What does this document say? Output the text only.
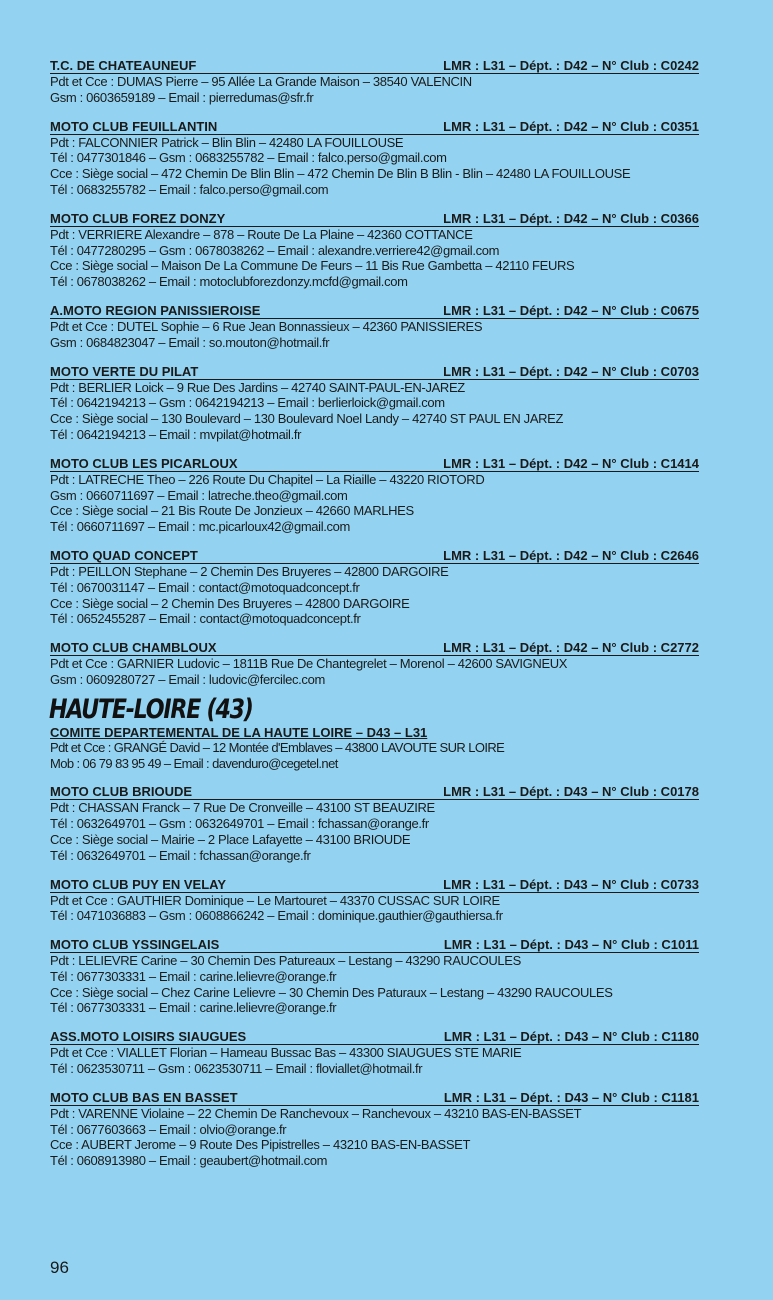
T.C. DE CHATEAUNEUF	LMR : L31 – Dépt. : D42 – N° Club : C0242
Pdt et Cce : DUMAS Pierre – 95 Allée La Grande Maison – 38540 VALENCIN
Gsm : 0603659189 – Email : pierredumas@sfr.fr
MOTO CLUB FEUILLANTIN	LMR : L31 – Dépt. : D42 – N° Club : C0351
Pdt : FALCONNIER Patrick – Blin Blin – 42480 LA FOUILLOUSE
Tél : 0477301846 – Gsm : 0683255782 – Email : falco.perso@gmail.com
Cce : Siège social – 472 Chemin De Blin Blin – 472 Chemin De Blin B Blin - Blin – 42480 LA FOUILLOUSE
Tél : 0683255782 – Email : falco.perso@gmail.com
MOTO CLUB FOREZ DONZY	LMR : L31 – Dépt. : D42 – N° Club : C0366
Pdt : VERRIERE Alexandre – 878 – Route De La Plaine – 42360 COTTANCE
Tél : 0477280295 – Gsm : 0678038262 – Email : alexandre.verriere42@gmail.com
Cce : Siège social – Maison De La Commune De Feurs – 11 Bis Rue Gambetta – 42110 FEURS
Tél : 0678038262 – Email : motoclubforezdonzy.mcfd@gmail.com
A.MOTO REGION PANISSIEROISE	LMR : L31 – Dépt. : D42 – N° Club : C0675
Pdt et Cce : DUTEL Sophie – 6 Rue Jean Bonnassieux – 42360 PANISSIERES
Gsm : 0684823047 – Email : so.mouton@hotmail.fr
MOTO VERTE DU PILAT	LMR : L31 – Dépt. : D42 – N° Club : C0703
Pdt : BERLIER Loick – 9 Rue Des Jardins – 42740 SAINT-PAUL-EN-JAREZ
Tél : 0642194213 – Gsm : 0642194213 – Email : berlierloick@gmail.com
Cce : Siège social – 130 Boulevard – 130 Boulevard Noel Landy – 42740 ST PAUL EN JAREZ
Tél : 0642194213 – Email : mvpilat@hotmail.fr
MOTO CLUB LES PICARLOUX	LMR : L31 – Dépt. : D42 – N° Club : C1414
Pdt : LATRECHE Theo – 226 Route Du Chapitel – La Riaille – 43220 RIOTORD
Gsm : 0660711697 – Email : latreche.theo@gmail.com
Cce : Siège social – 21 Bis Route De Jonzieux – 42660 MARLHES
Tél : 0660711697 – Email : mc.picarloux42@gmail.com
MOTO QUAD CONCEPT	LMR : L31 – Dépt. : D42 – N° Club : C2646
Pdt : PEILLON Stephane – 2 Chemin Des Bruyeres – 42800 DARGOIRE
Tél : 0670031147 – Email : contact@motoquadconcept.fr
Cce : Siège social – 2 Chemin Des Bruyeres – 42800 DARGOIRE
Tél : 0652455287 – Email : contact@motoquadconcept.fr
MOTO CLUB CHAMBLOUX	LMR : L31 – Dépt. : D42 – N° Club : C2772
Pdt et Cce : GARNIER Ludovic – 1811B Rue De Chantegrelet – Morenol – 42600 SAVIGNEUX
Gsm : 0609280727 – Email : ludovic@fercilec.com
HAUTE-LOIRE (43)
COMITE DEPARTEMENTAL DE LA HAUTE LOIRE – D43 – L31
Pdt et Cce : GRANGÉ David – 12 Montée d'Emblaves – 43800 LAVOUTE SUR LOIRE
Mob : 06 79 83 95 49 – Email : davenduro@cegetel.net
MOTO CLUB BRIOUDE	LMR : L31 – Dépt. : D43 – N° Club : C0178
Pdt : CHASSAN Franck – 7 Rue De Cronveille – 43100 ST BEAUZIRE
Tél : 0632649701 – Gsm : 0632649701 – Email : fchassan@orange.fr
Cce : Siège social – Mairie – 2 Place Lafayette – 43100 BRIOUDE
Tél : 0632649701 – Email : fchassan@orange.fr
MOTO CLUB PUY EN VELAY	LMR : L31 – Dépt. : D43 – N° Club : C0733
Pdt et Cce : GAUTHIER Dominique – Le Martouret – 43370 CUSSAC SUR LOIRE
Tél : 0471036883 – Gsm : 0608866242 – Email : dominique.gauthier@gauthiersa.fr
MOTO CLUB YSSINGELAIS	LMR : L31 – Dépt. : D43 – N° Club : C1011
Pdt : LELIEVRE Carine – 30 Chemin Des Patureaux – Lestang – 43290 RAUCOULES
Tél : 0677303331 – Email : carine.lelievre@orange.fr
Cce : Siège social – Chez Carine Lelievre – 30 Chemin Des Paturaux – Lestang – 43290 RAUCOULES
Tél : 0677303331 – Email : carine.lelievre@orange.fr
ASS.MOTO LOISIRS SIAUGUES	LMR : L31 – Dépt. : D43 – N° Club : C1180
Pdt et Cce : VIALLET Florian – Hameau Bussac Bas – 43300 SIAUGUES STE MARIE
Tél : 0623530711 – Gsm : 0623530711 – Email : floviallet@hotmail.fr
MOTO CLUB BAS EN BASSET	LMR : L31 – Dépt. : D43 – N° Club : C1181
Pdt : VARENNE Violaine – 22 Chemin De Ranchevoux – Ranchevoux – 43210 BAS-EN-BASSET
Tél : 0677603663 – Email : olvio@orange.fr
Cce : AUBERT Jerome – 9 Route Des Pipistrelles – 43210 BAS-EN-BASSET
Tél : 0608913980 – Email : geaubert@hotmail.com
96
